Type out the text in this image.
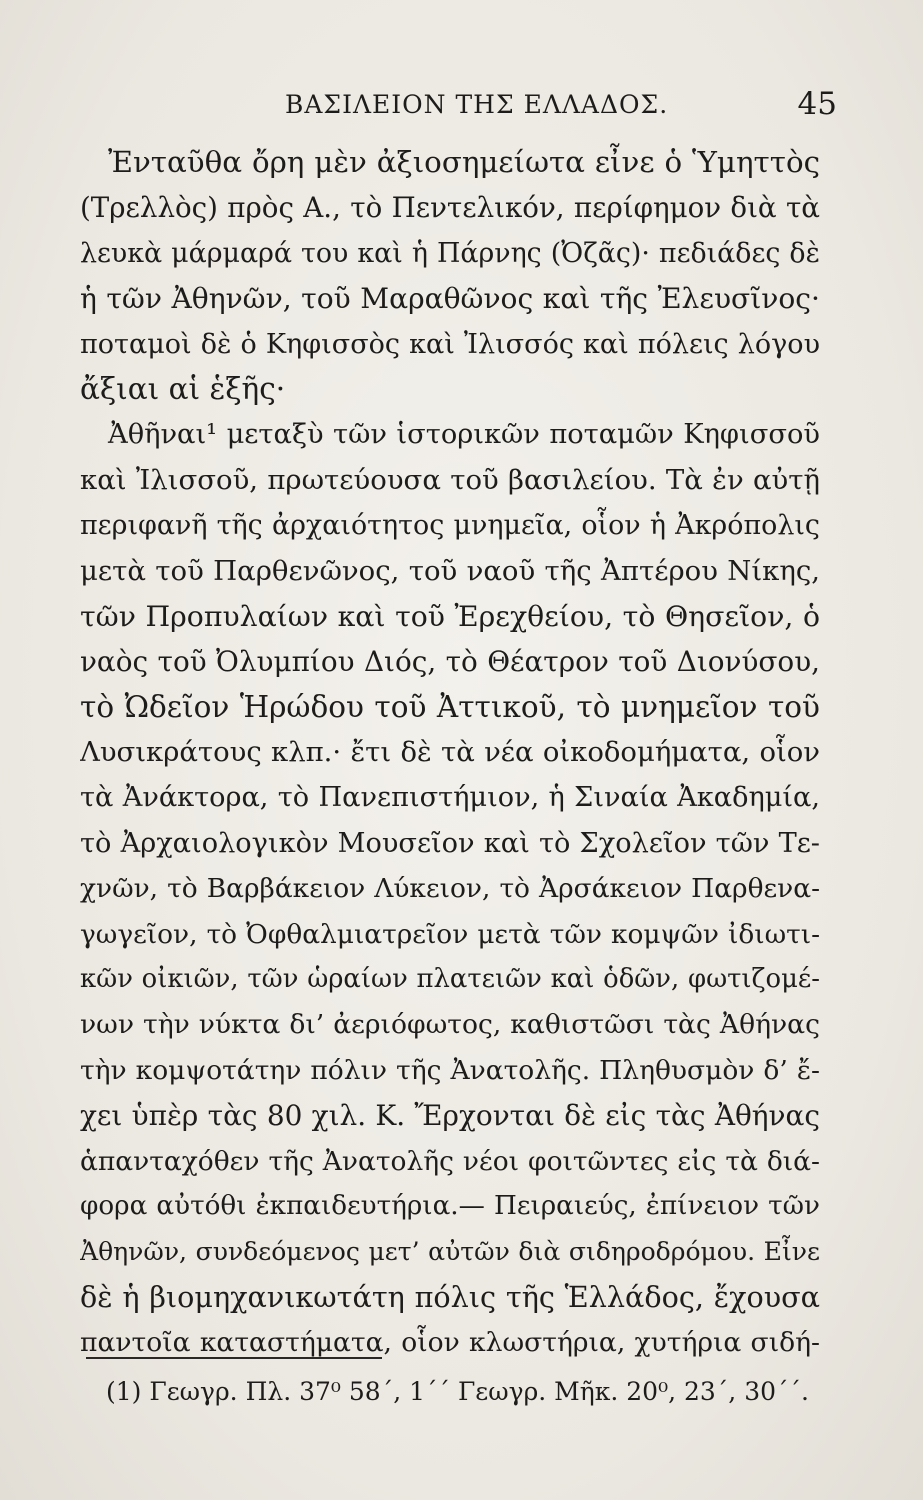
ΒΑΣΙΛΕΙΟΝ ΤΗΣ ΕΛΛΑΔΟΣ.	45
Ἐνταῦθα ὄρη μὲν ἀξιοσημείωτα εἶνε ὁ Ὑμηττὸς
(Τρελλὸς) πρὸς Α., τὸ Πεντελικόν, περίφημον διὰ τὰ
λευκὰ μάρμαρά του καὶ ἡ Πάρνης (Ὀζᾶς)· πεδιάδες δὲ
ἡ τῶν Ἀθηνῶν, τοῦ Μαραθῶνος καὶ τῆς Ἐλευσῖνος·
ποταμοὶ δὲ ὁ Κηφισσὸς καὶ Ἰλισσός καὶ πόλεις λόγου
ἄξιαι αἱ ἑξῆς·
Ἀθῆναι¹ μεταξὺ τῶν ἱστορικῶν ποταμῶν Κηφισσοῦ
καὶ Ἰλισσοῦ, πρωτεύουσα τοῦ βασιλείου. Τὰ ἐν αὐτῇ
περιφανῆ τῆς ἀρχαιότητος μνημεῖα, οἷον ἡ Ἀκρόπολις
μετὰ τοῦ Παρθενῶνος, τοῦ ναοῦ τῆς Ἀπτέρου Νίκης,
τῶν Προπυλαίων καὶ τοῦ Ἐρεχθείου, τὸ Θησεῖον, ὁ
ναὸς τοῦ Ὀλυμπίου Διός, τὸ Θέατρον τοῦ Διονύσου,
τὸ Ὠδεῖον Ἡρώδου τοῦ Ἀττικοῦ, τὸ μνημεῖον τοῦ
Λυσικράτους κλπ.· ἔτι δὲ τὰ νέα οἰκοδομήματα, οἷον
τὰ Ἀνάκτορα, τὸ Πανεπιστήμιον, ἡ Σιναία Ἀκαδημία,
τὸ Ἀρχαιολογικὸν Μουσεῖον καὶ τὸ Σχολεῖον τῶν Τε-
χνῶν, τὸ Βαρβάκειον Λύκειον, τὸ Ἀρσάκειον Παρθενα-
γωγεῖον, τὸ Ὀφθαλμιατρεῖον μετὰ τῶν κομψῶν ἰδιωτι-
κῶν οἰκιῶν, τῶν ὡραίων πλατειῶν καὶ ὁδῶν, φωτιζομέ-
νων τὴν νύκτα δι’ ἀεριόφωτος, καθιστῶσι τὰς Ἀθήνας
τὴν κομψοτάτην πόλιν τῆς Ἀνατολῆς. Πληθυσμὸν δ’ ἔ-
χει ὑπὲρ τὰς 80 χιλ. Κ. Ἔρχονται δὲ εἰς τὰς Ἀθήνας
ἁπανταχόθεν τῆς Ἀνατολῆς νέοι φοιτῶντες εἰς τὰ διά-
φορα αὐτόθι ἐκπαιδευτήρια.— Πειραιεύς, ἐπίνειον τῶν
Ἀθηνῶν, συνδεόμενος μετ’ αὐτῶν διὰ σιδηροδρόμου. Εἶνε
δὲ ἡ βιομηχανικωτάτη πόλις τῆς Ἑλλάδος, ἔχουσα
παντοῖα καταστήματα, οἷον κλωστήρια, χυτήρια σιδή-
(1) Γεωγρ. Πλ. 37⁰ 58΄, 1΄΄ Γεωγρ. Μῆκ. 20⁰, 23΄, 30΄΄.
